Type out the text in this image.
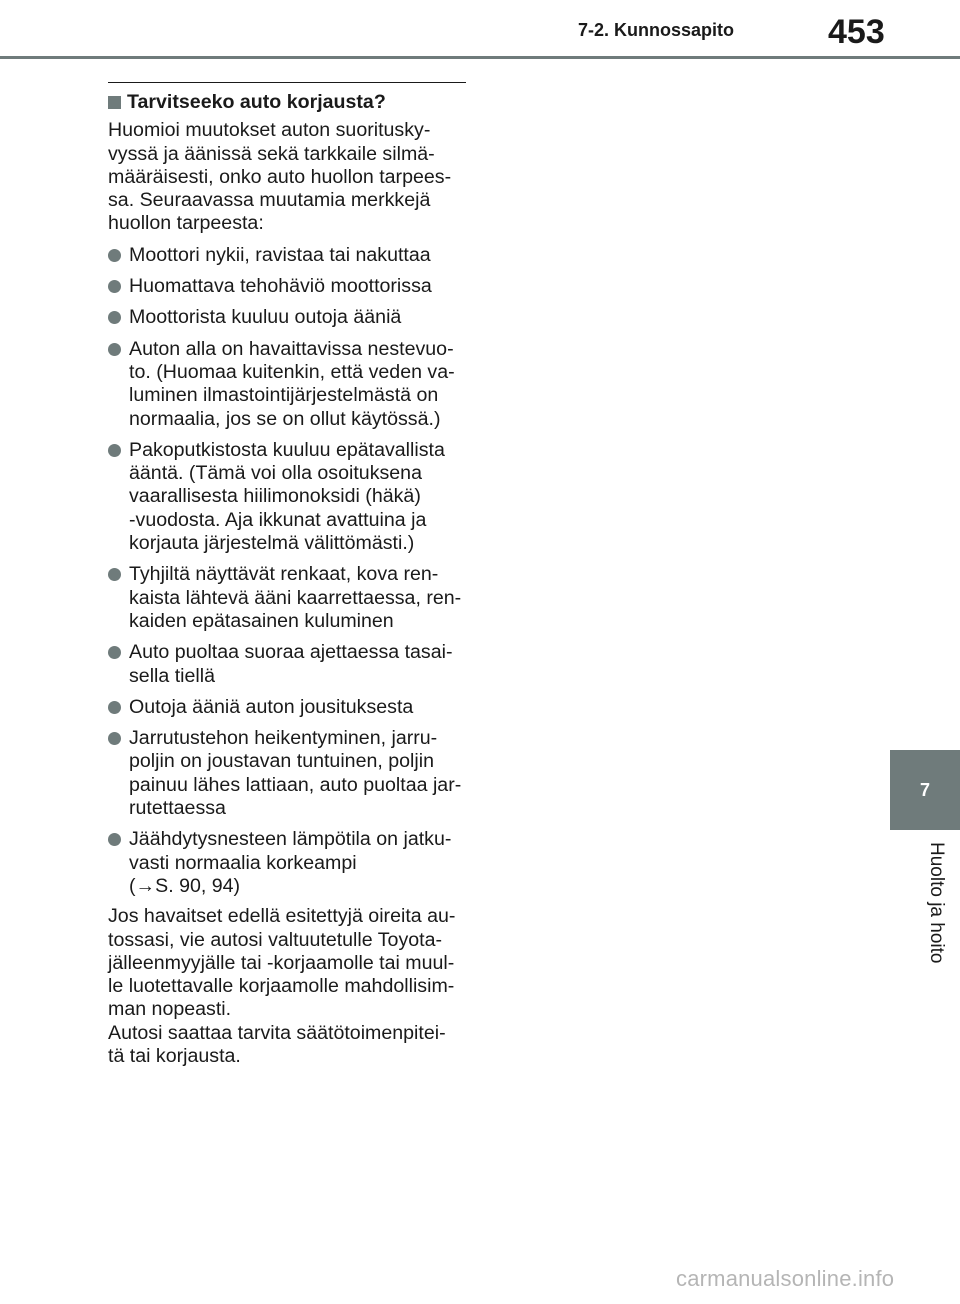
7-2. Kunnossapito	453
7
Huolto ja hoito
Tarvitseeko auto korjausta?
Huomioi muutokset auton suoritusky-
vyssä ja äänissä sekä tarkkaile silmä-
määräisesti, onko auto huollon tarpees-
sa. Seuraavassa muutamia merkkejä
huollon tarpeesta:
Moottori nykii, ravistaa tai nakuttaa
Huomattava tehohäviö moottorissa
Moottorista kuuluu outoja ääniä
Auton alla on havaittavissa nestevuo-
to. (Huomaa kuitenkin, että veden va-
luminen ilmastointijärjestelmästä on
normaalia, jos se on ollut käytössä.)
Pakoputkistosta kuuluu epätavallista
ääntä. (Tämä voi olla osoituksena
vaarallisesta hiilimonoksidi (häkä)
-vuodosta. Aja ikkunat avattuina ja
korjauta järjestelmä välittömästi.)
Tyhjiltä näyttävät renkaat, kova ren-
kaista lähtevä ääni kaarrettaessa, ren-
kaiden epätasainen kuluminen
Auto puoltaa suoraa ajettaessa tasai-
sella tiellä
Outoja ääniä auton jousituksesta
Jarrutustehon heikentyminen, jarru-
poljin on joustavan tuntuinen, poljin
painuu lähes lattiaan, auto puoltaa jar-
rutettaessa
Jäähdytysnesteen lämpötila on jatku-
vasti normaalia korkeampi
(→S. 90, 94)
Jos havaitset edellä esitettyjä oireita au-
tossasi, vie autosi valtuutetulle Toyota-
jälleenmyyjälle tai -korjaamolle tai muul-
le luotettavalle korjaamolle mahdollisim-
man nopeasti.
Autosi saattaa tarvita säätötoimenpitei-
tä tai korjausta.
carmanualsonline.info
